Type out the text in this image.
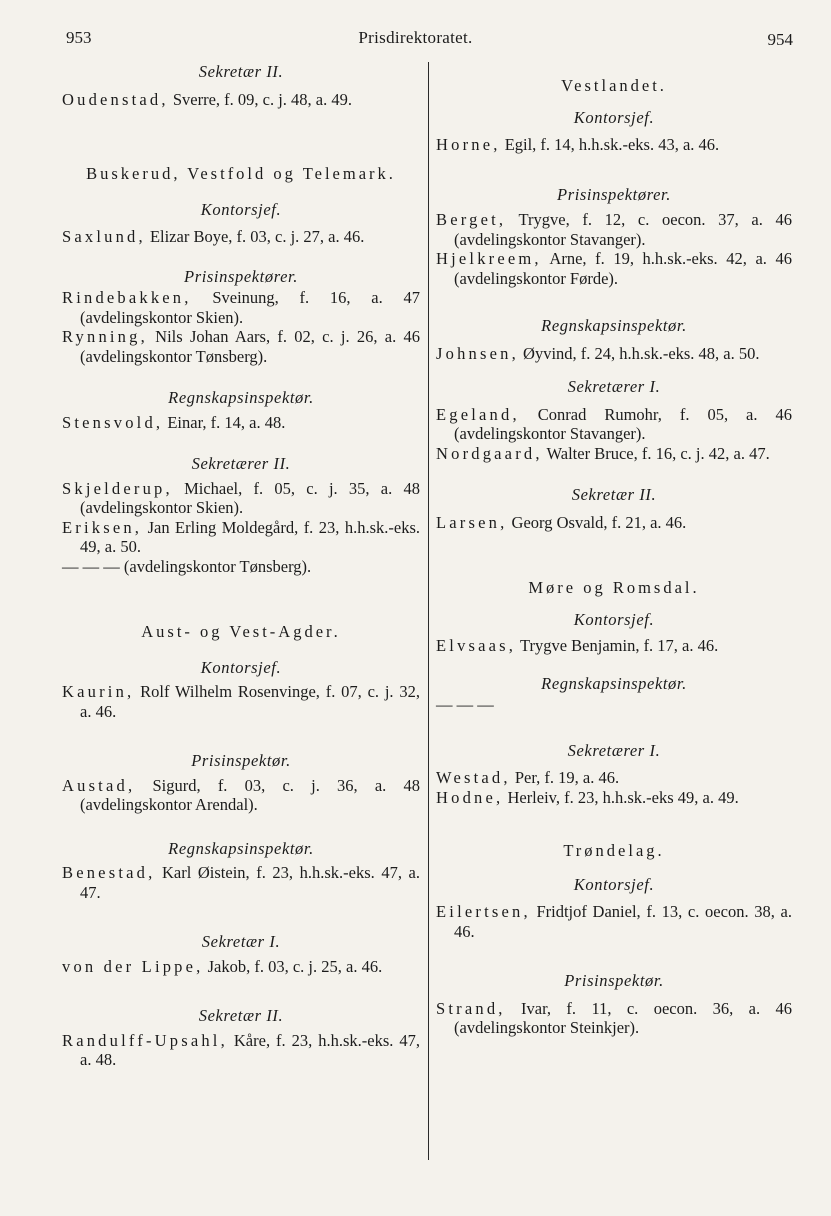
953	Prisdirektoratet.	954
Sekretær II.

Oudenstad, Sverre, f. 09, c. j. 48, a. 49.

Buskerud, Vestfold og Telemark.
Kontorsjef.

Saxlund, Elizar Boye, f. 03, c. j. 27, a. 46.

Prisinspektører.

Rindebakken, Sveinung, f. 16, a. 47 (avdelingskontor Skien).

Rynning, Nils Johan Aars, f. 02, c. j. 26, a. 46 (avdelingskontor Tønsberg).

Regnskapsinspektør.

Stensvold, Einar, f. 14, a. 48.

Sekretærer II.

Skjelderup, Michael, f. 05, c. j. 35, a. 48 (avdelingskontor Skien).

Eriksen, Jan Erling Moldegård, f. 23, h.h.sk.-eks. 49, a. 50.

— — — (avdelingskontor Tønsberg).

Aust- og Vest-Agder.
Kontorsjef.

Kaurin, Rolf Wilhelm Rosenvinge, f. 07, c. j. 32, a. 46.

Prisinspektør.

Austad, Sigurd, f. 03, c. j. 36, a. 48 (avdelingskontor Arendal).

Regnskapsinspektør.

Benestad, Karl Øistein, f. 23, h.h.sk.-eks. 47, a. 47.

Sekretær I.

von der Lippe, Jakob, f. 03, c. j. 25, a. 46.

Sekretær II.

Randulff-Upsahl, Kåre, f. 23, h.h.sk.-eks. 47, a. 48.

Vestlandet.
Kontorsjef.

Horne, Egil, f. 14, h.h.sk.-eks. 43, a. 46.

Prisinspektører.

Berget, Trygve, f. 12, c. oecon. 37, a. 46 (avdelingskontor Stavanger).

Hjelkreem, Arne, f. 19, h.h.sk.-eks. 42, a. 46 (avdelingskontor Førde).

Regnskapsinspektør.

Johnsen, Øyvind, f. 24, h.h.sk.-eks. 48, a. 50.

Sekretærer I.

Egeland, Conrad Rumohr, f. 05, a. 46 (avdelingskontor Stavanger).

Nordgaard, Walter Bruce, f. 16, c. j. 42, a. 47.

Sekretær II.

Larsen, Georg Osvald, f. 21, a. 46.

Møre og Romsdal.
Kontorsjef.

Elvsaas, Trygve Benjamin, f. 17, a. 46.

Regnskapsinspektør.

— — —

Sekretærer I.

Westad, Per, f. 19, a. 46.

Hodne, Herleiv, f. 23, h.h.sk.-eks 49, a. 49.

Trøndelag.
Kontorsjef.

Eilertsen, Fridtjof Daniel, f. 13, c. oecon. 38, a. 46.

Prisinspektør.

Strand, Ivar, f. 11, c. oecon. 36, a. 46 (avdelingskontor Steinkjer).
